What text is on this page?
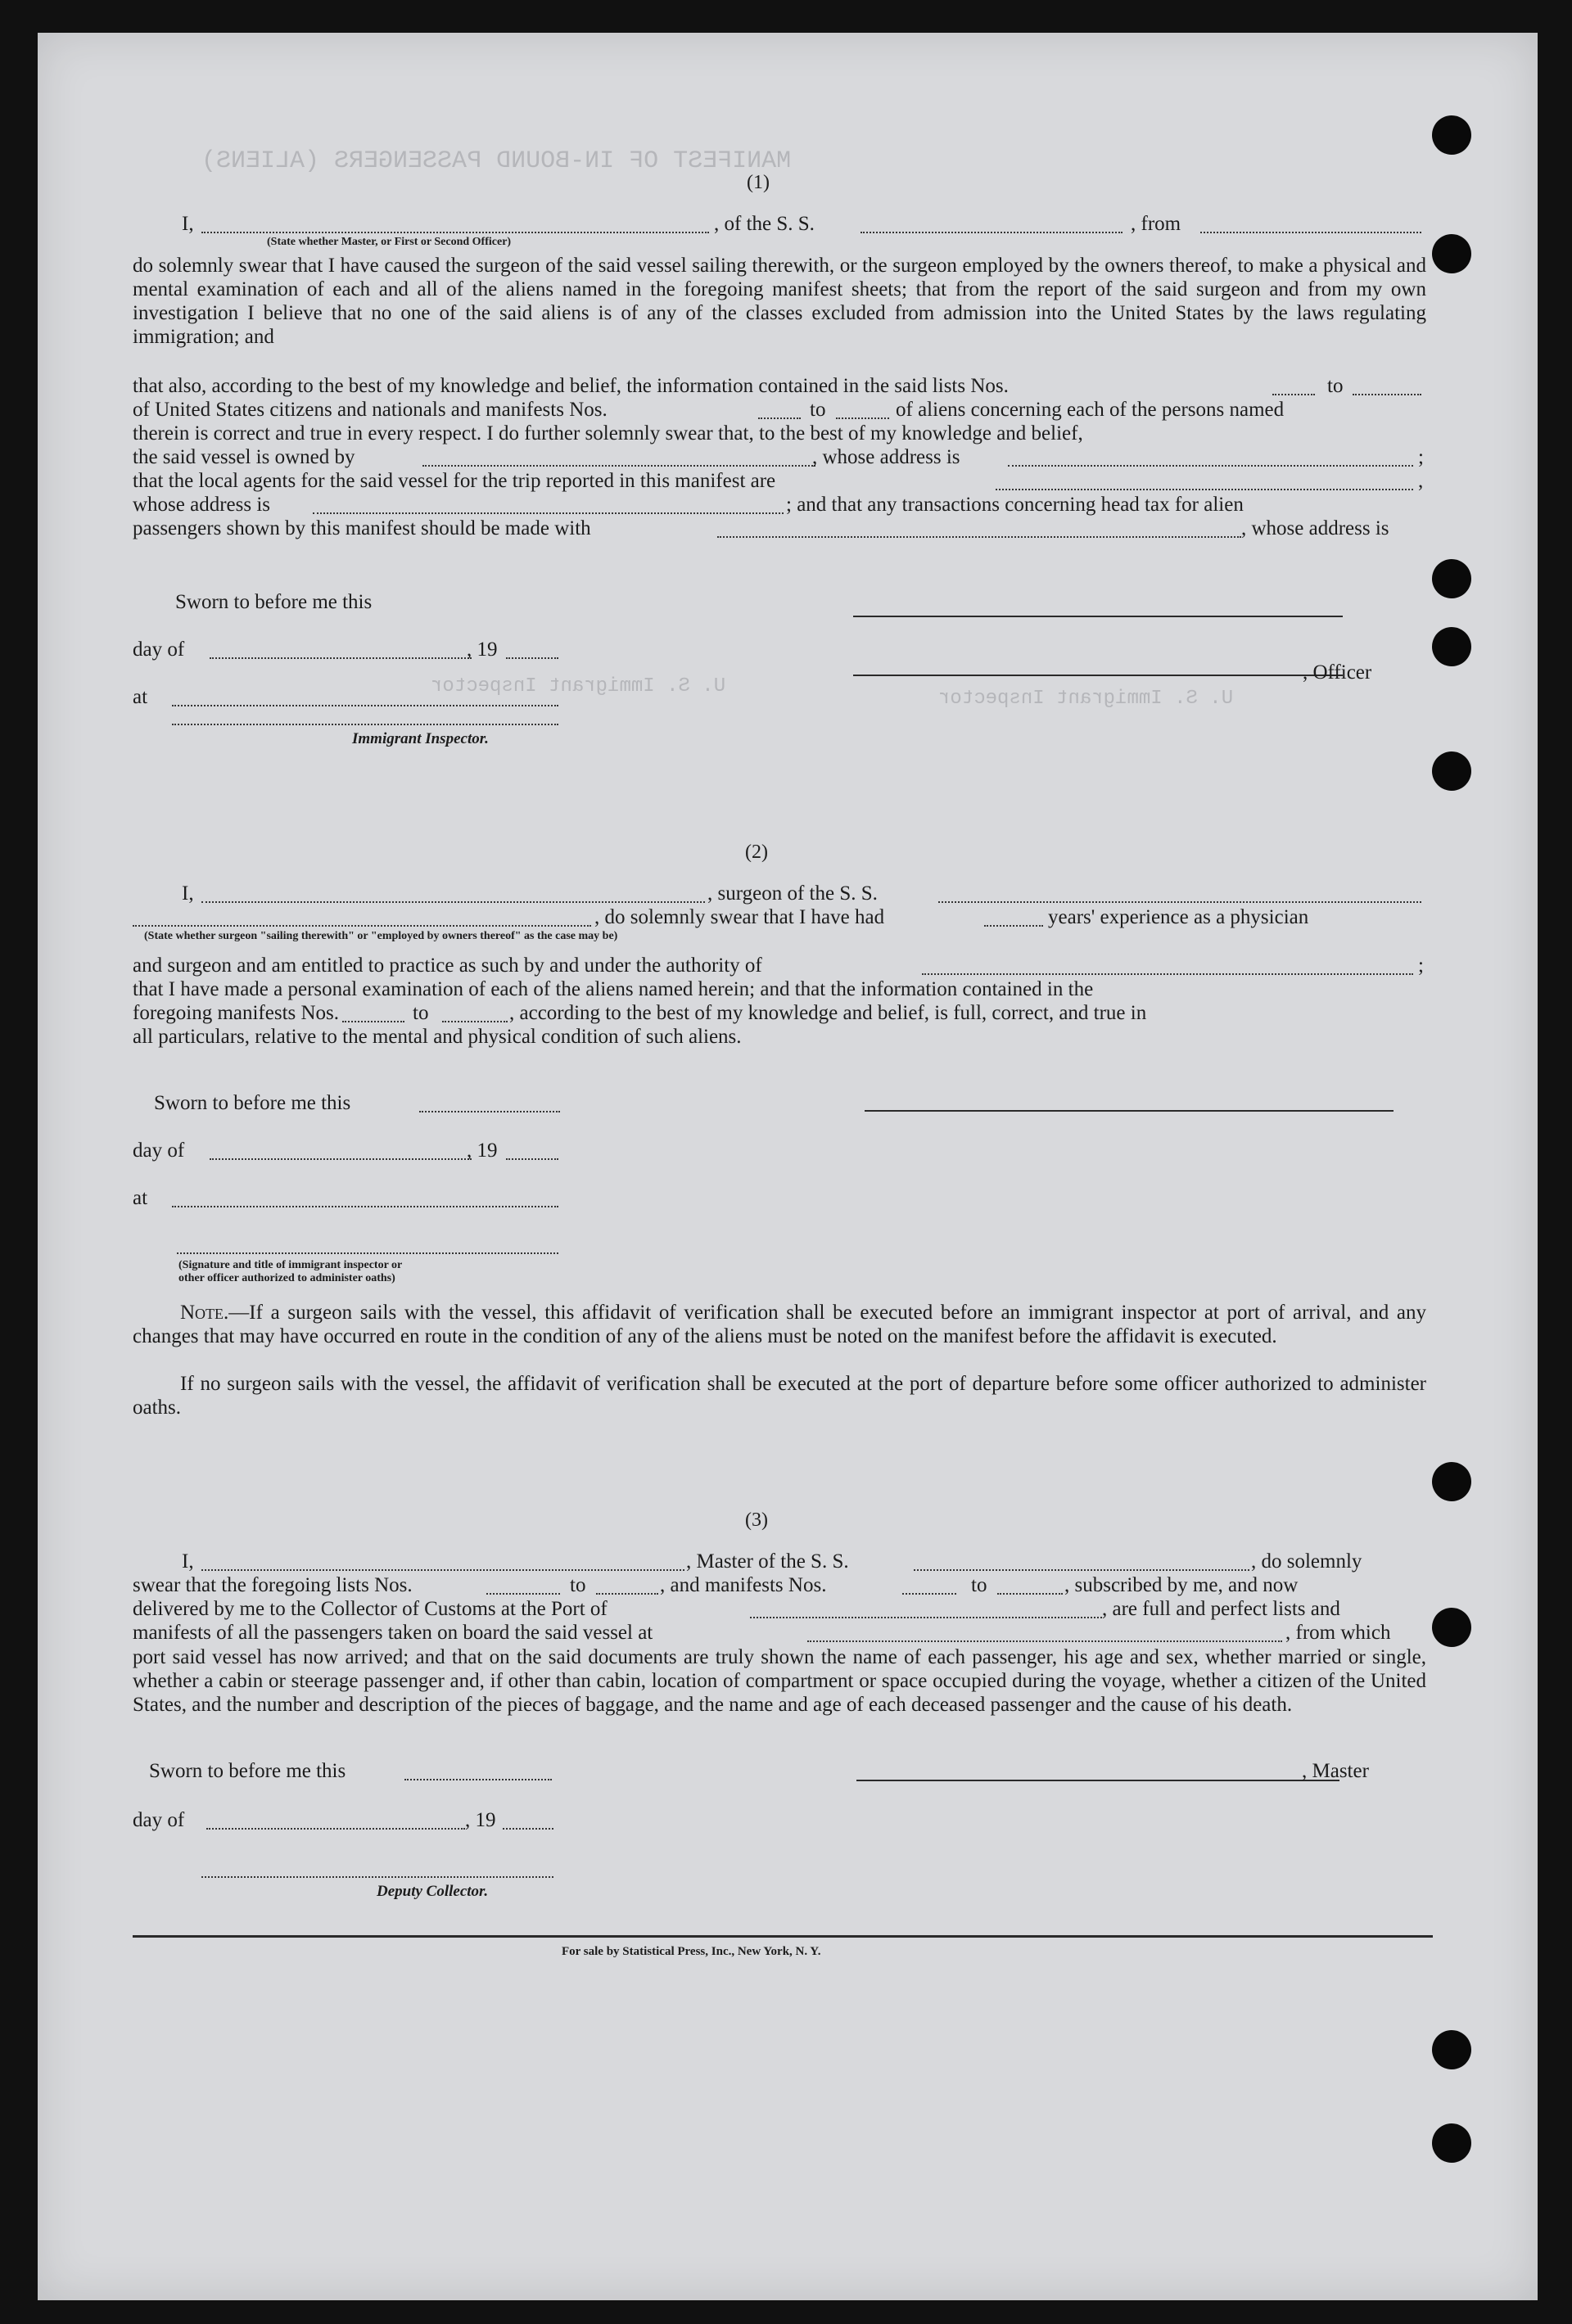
MANIFEST OF IN-BOUND PASSENGERS (ALIENS)
U. S. Immigrant Inspector
U. S. Immigrant Inspector
(1)
I,	, of the S. S.	, from
(State whether Master, or First or Second Officer)
do solemnly swear that I have caused the surgeon of the said vessel sailing therewith, or the surgeon employed by the owners thereof, to make a physical and mental examination of each and all of the aliens named in the foregoing manifest sheets; that from the report of the said surgeon and from my own investigation I believe that no one of the said aliens is of any of the classes excluded from admission into the United States by the laws regulating immigration; and
that also, according to the best of my knowledge and belief, the information contained in the said lists Nos.	to
of United States citizens and nationals and manifests Nos.	to	of aliens concerning each of the persons named
therein is correct and true in every respect. I do further solemnly swear that, to the best of my knowledge and belief,
the said vessel is owned by	, whose address is	;
that the local agents for the said vessel for the trip reported in this manifest are	,
whose address is	; and that any transactions concerning head tax for alien
passengers shown by this manifest should be made with	, whose address is
Sworn to before me this
day of	, 19
, Officer
at
Immigrant Inspector.
(2)
I,	, surgeon of the S. S.
, do solemnly swear that I have had	years' experience as a physician
(State whether surgeon "sailing therewith" or "employed by owners thereof" as the case may be)
and surgeon and am entitled to practice as such by and under the authority of	;
that I have made a personal examination of each of the aliens named herein; and that the information contained in the
foregoing manifests Nos.	to	, according to the best of my knowledge and belief, is full, correct, and true in
all particulars, relative to the mental and physical condition of such aliens.
Sworn to before me this
day of	, 19
at
(Signature and title of immigrant inspector or
other officer authorized to administer oaths)
Note.—If a surgeon sails with the vessel, this affidavit of verification shall be executed before an immigrant inspector at port of arrival, and any changes that may have occurred en route in the condition of any of the aliens must be noted on the manifest before the affidavit is executed.
If no surgeon sails with the vessel, the affidavit of verification shall be executed at the port of departure before some officer authorized to administer oaths.
(3)
I,	, Master of the S. S.	, do solemnly
swear that the foregoing lists Nos.	to	, and manifests Nos.	to	, subscribed by me, and now
delivered by me to the Collector of Customs at the Port of	, are full and perfect lists and
manifests of all the passengers taken on board the said vessel at	, from which
port said vessel has now arrived; and that on the said documents are truly shown the name of each passenger, his age and sex, whether married or single, whether a cabin or steerage passenger and, if other than cabin, location of compartment or space occupied during the voyage, whether a citizen of the United States, and the number and description of the pieces of baggage, and the name and age of each deceased passenger and the cause of his death.
Sworn to before me this	, Master
day of	, 19
Deputy Collector.
For sale by Statistical Press, Inc., New York, N. Y.
